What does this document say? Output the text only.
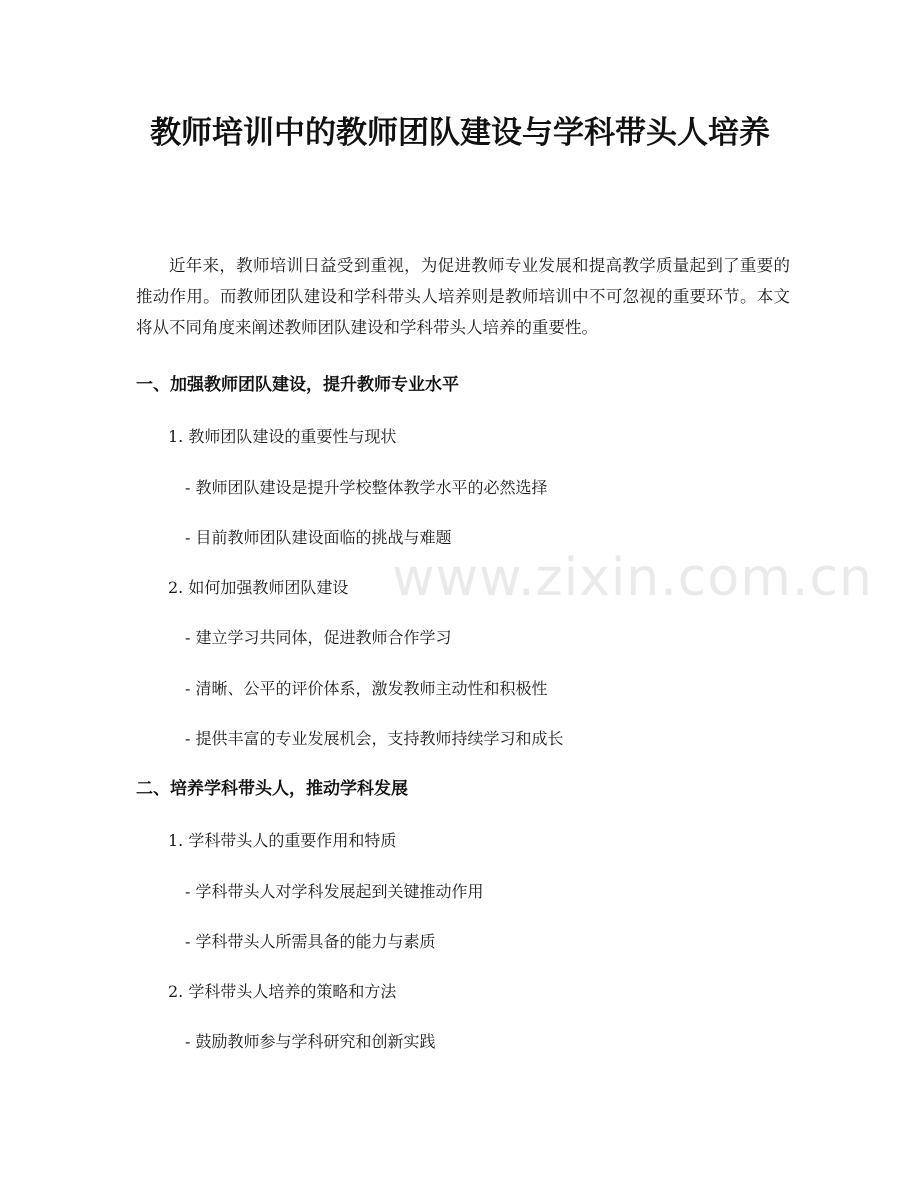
教师培训中的教师团队建设与学科带头人培养

近年来，教师培训日益受到重视，为促进教师专业发展和提高教学质量起到了重要的推动作用。而教师团队建设和学科带头人培养则是教师培训中不可忽视的重要环节。本文将从不同角度来阐述教师团队建设和学科带头人培养的重要性。

一、加强教师团队建设，提升教师专业水平

1. 教师团队建设的重要性与现状

- 教师团队建设是提升学校整体教学水平的必然选择

- 目前教师团队建设面临的挑战与难题

2. 如何加强教师团队建设

- 建立学习共同体，促进教师合作学习

- 清晰、公平的评价体系，激发教师主动性和积极性

- 提供丰富的专业发展机会，支持教师持续学习和成长

二、培养学科带头人，推动学科发展

1. 学科带头人的重要作用和特质

- 学科带头人对学科发展起到关键推动作用

- 学科带头人所需具备的能力与素质

2. 学科带头人培养的策略和方法

- 鼓励教师参与学科研究和创新实践

www.zixin.com.cn
